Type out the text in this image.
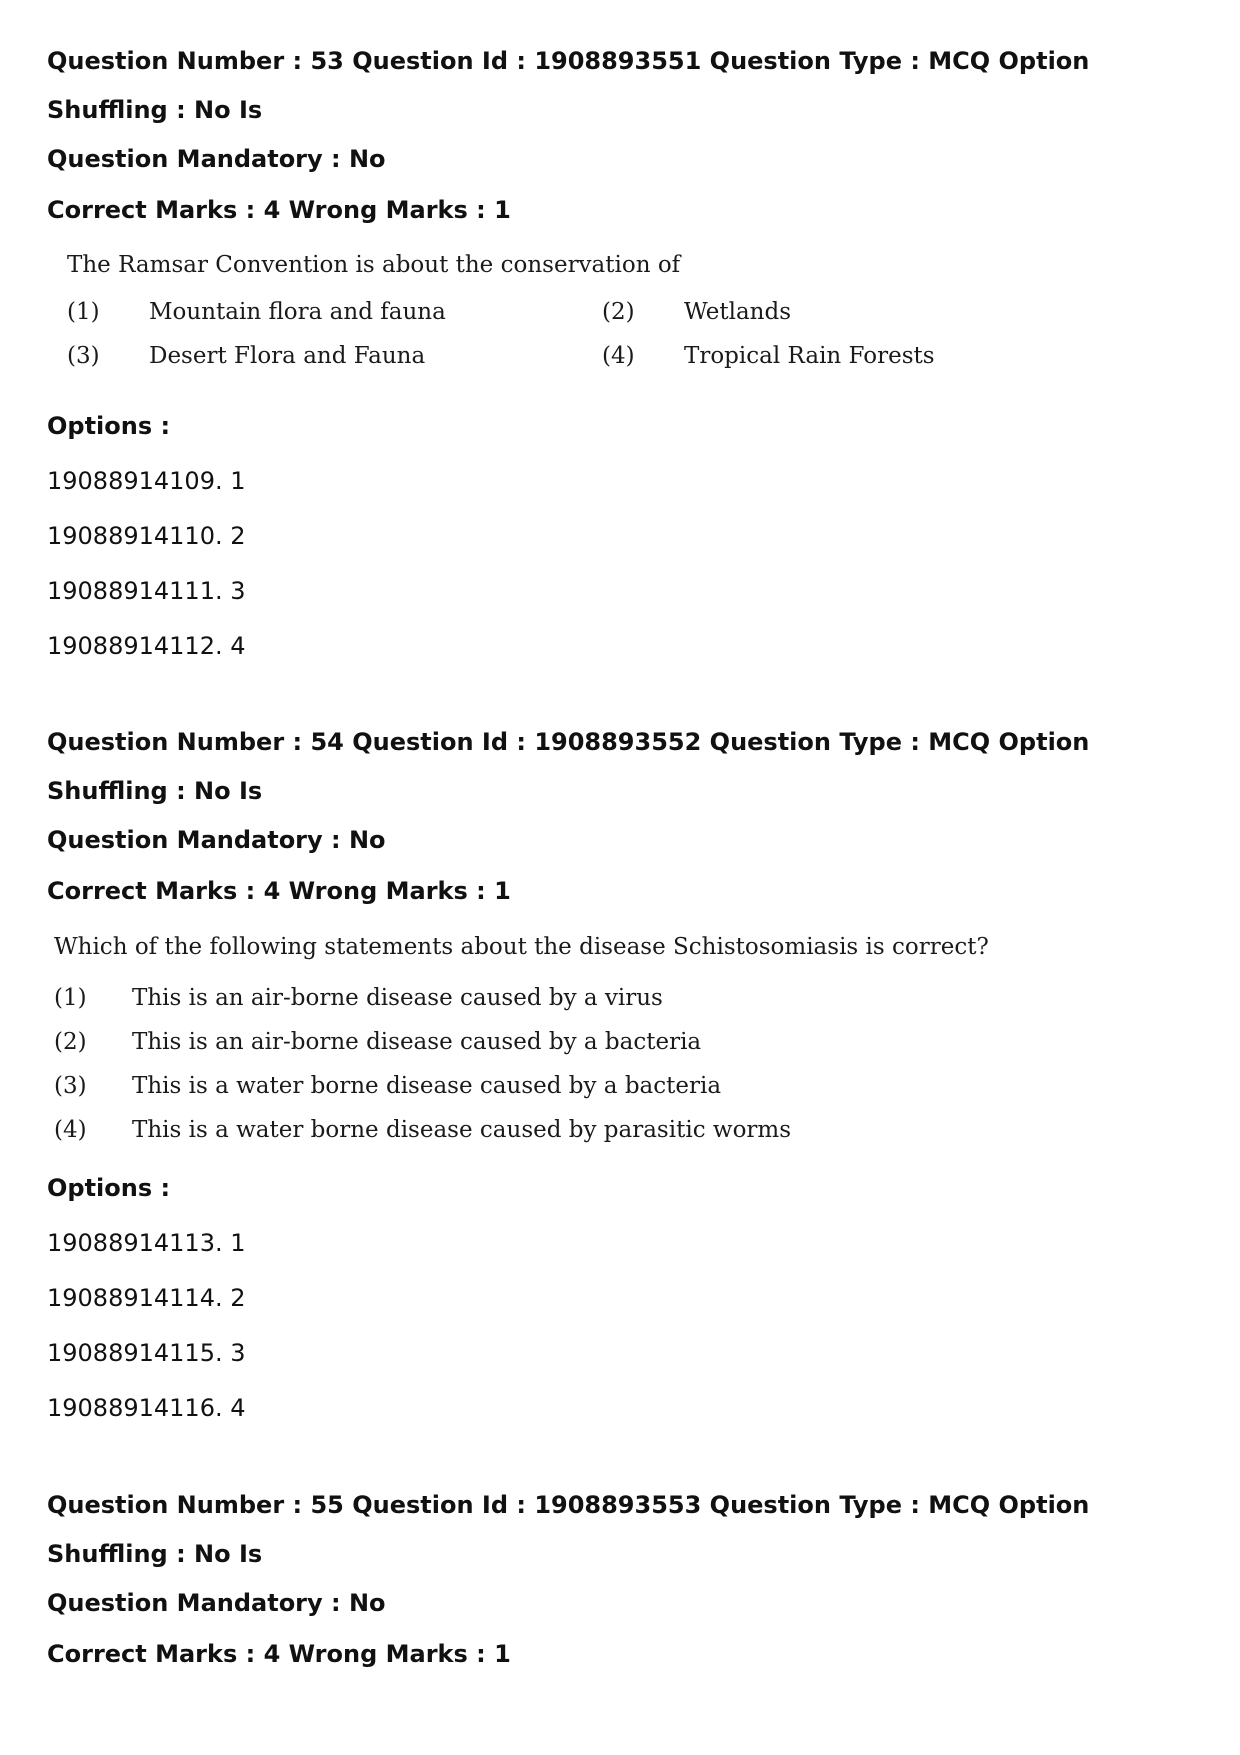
Question Number : 53 Question Id : 1908893551 Question Type : MCQ Option Shuffling : No Is
Question Mandatory : No
Correct Marks : 4 Wrong Marks : 1
The Ramsar Convention is about the conservation of
(1) Mountain flora and fauna	(2) Wetlands
(3) Desert Flora and Fauna	(4) Tropical Rain Forests
Options :
19088914109. 1
19088914110. 2
19088914111. 3
19088914112. 4
Question Number : 54 Question Id : 1908893552 Question Type : MCQ Option Shuffling : No Is
Question Mandatory : No
Correct Marks : 4 Wrong Marks : 1
Which of the following statements about the disease Schistosomiasis is correct?
(1) This is an air-borne disease caused by a virus
(2) This is an air-borne disease caused by a bacteria
(3) This is a water borne disease caused by a bacteria
(4) This is a water borne disease caused by parasitic worms
Options :
19088914113. 1
19088914114. 2
19088914115. 3
19088914116. 4
Question Number : 55 Question Id : 1908893553 Question Type : MCQ Option Shuffling : No Is
Question Mandatory : No
Correct Marks : 4 Wrong Marks : 1
